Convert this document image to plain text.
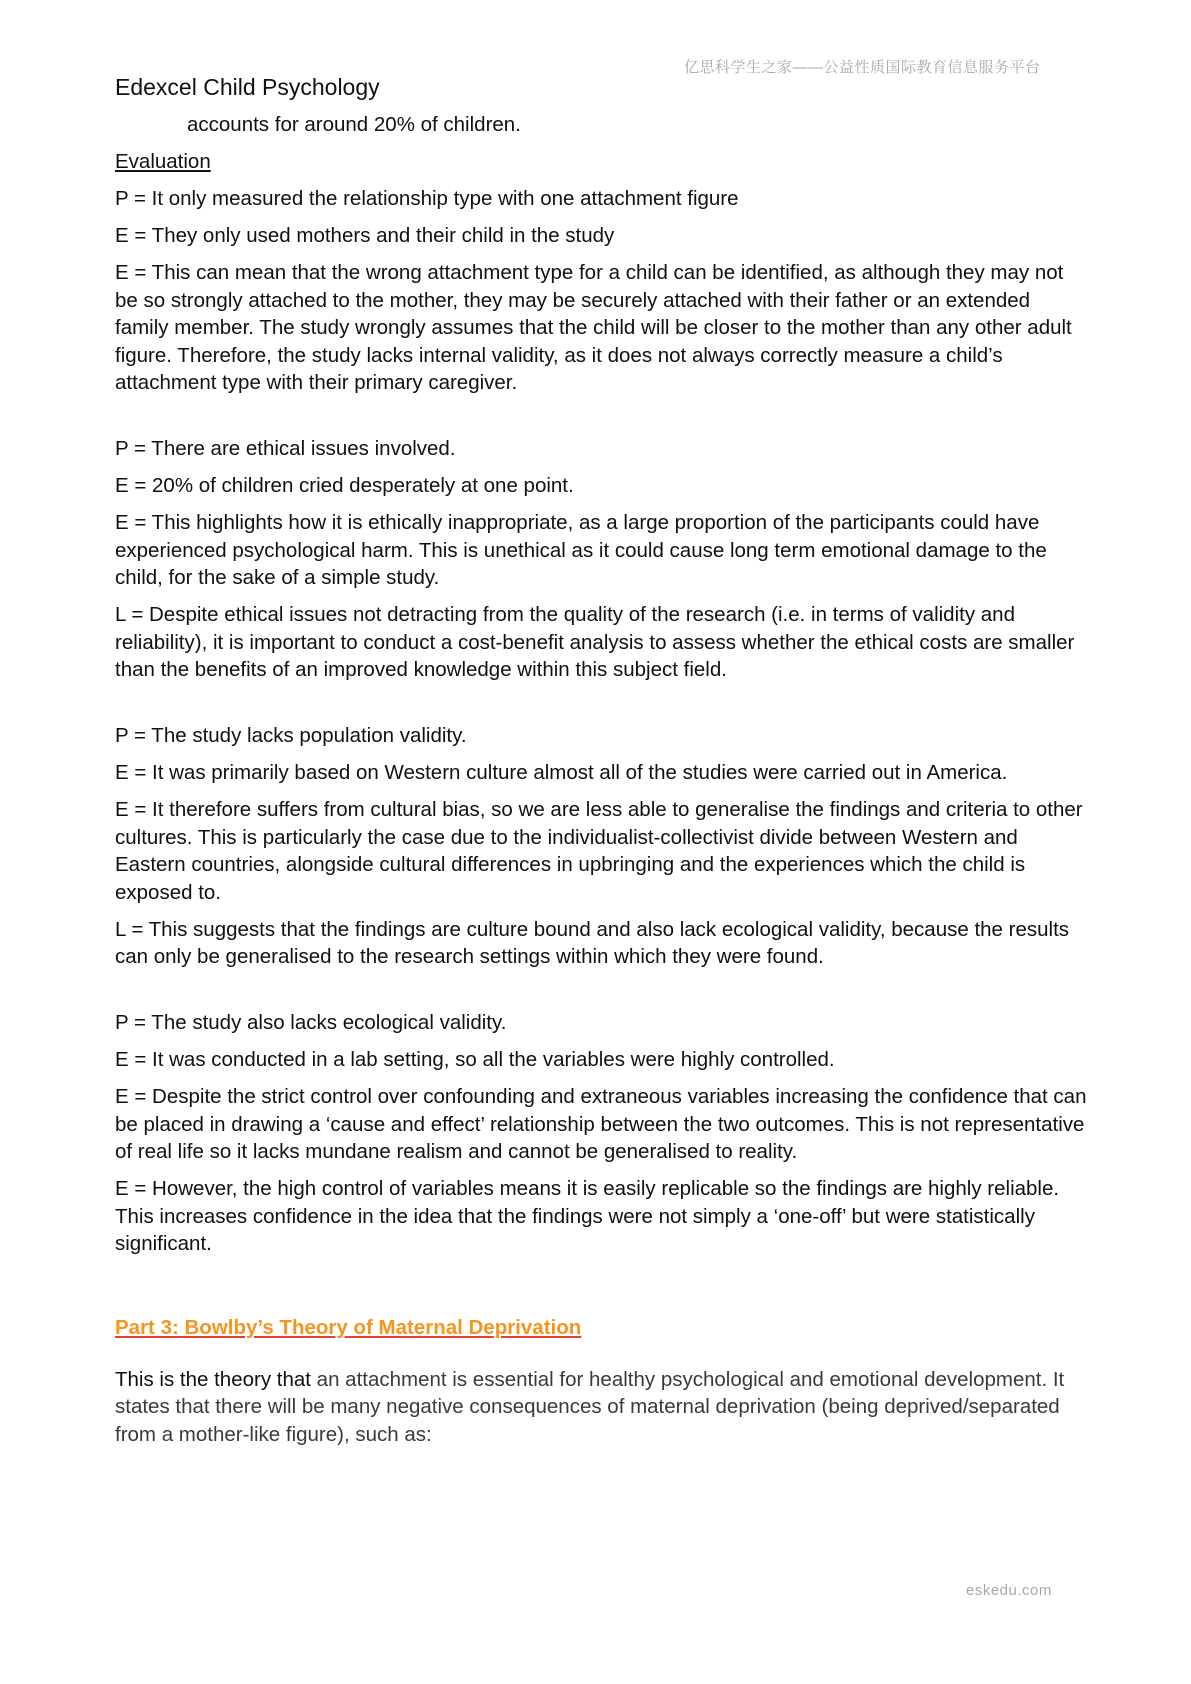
亿思科学生之家——公益性质国际教育信息服务平台
Edexcel Child Psychology

accounts for around 20% of children.

Evaluation

P = It only measured the relationship type with one attachment figure

E = They only used mothers and their child in the study

E = This can mean that the wrong attachment type for a child can be identified, as although they may not be so strongly attached to the mother, they may be securely attached with their father or an extended family member. The study wrongly assumes that the child will be closer to the mother than any other adult figure. Therefore, the study lacks internal validity, as it does not always correctly measure a child’s attachment type with their primary caregiver.

P = There are ethical issues involved.

E = 20% of children cried desperately at one point.

E = This highlights how it is ethically inappropriate, as a large proportion of the participants could have experienced psychological harm. This is unethical as it could cause long term emotional damage to the child, for the sake of a simple study.

L = Despite ethical issues not detracting from the quality of the research (i.e. in terms of validity and reliability), it is important to conduct a cost-benefit analysis to assess whether the ethical costs are smaller than the benefits of an improved knowledge within this subject field.

P = The study lacks population validity.

E = It was primarily based on Western culture almost all of the studies were carried out in America.

E = It therefore suffers from cultural bias, so we are less able to generalise the findings and criteria to other cultures. This is particularly the case due to the individualist-collectivist divide between Western and Eastern countries, alongside cultural differences in upbringing and the experiences which the child is exposed to.

L = This suggests that the findings are culture bound and also lack ecological validity, because the results can only be generalised to the research settings within which they were found.

P = The study also lacks ecological validity.

E = It was conducted in a lab setting, so all the variables were highly controlled.

E = Despite the strict control over confounding and extraneous variables increasing the confidence that can be placed in drawing a ‘cause and effect’ relationship between the two outcomes. This is not representative of real life so it lacks mundane realism and cannot be generalised to reality.

E = However, the high control of variables means it is easily replicable so the findings are highly reliable. This increases confidence in the idea that the findings were not simply a ‘one-off’ but were statistically significant.

Part 3: Bowlby’s Theory of Maternal Deprivation

This is the theory that an attachment is essential for healthy psychological and emotional development. It states that there will be many negative consequences of maternal deprivation (being deprived/separated from a mother-like figure), such as:

eskedu.com
